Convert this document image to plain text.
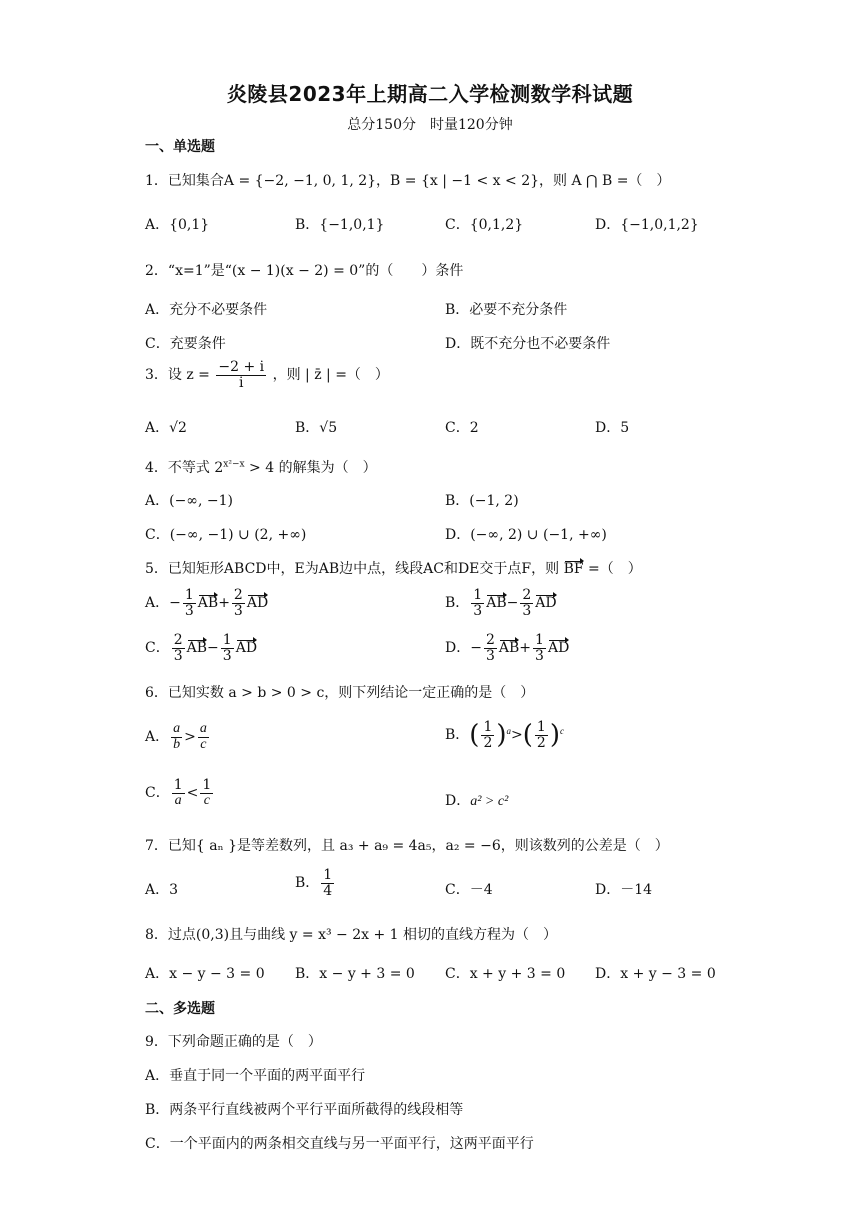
炎陵县2023年上期高二入学检测数学科试题
总分150分　时量120分钟
一、单选题
1．已知集合A = {−2, −1, 0, 1, 2}，B = {x | −1 < x < 2}，则 A ⋂ B =（　）
A．{0,1}	B．{−1,0,1}	C．{0,1,2}	D．{−1,0,1,2}
2．“x=1”是“(x − 1)(x − 2) = 0”的（　　）条件
A．充分不必要条件	B．必要不充分条件
C．充要条件	D．既不充分也不必要条件
3．设 $z = \frac{-2 + i}{i}$ ，则 | z̄ | =（　）
A．√2	B．√5	C．2	D．5
4．不等式 $2^{x^2-x} > 4$ 的解集为（　）
A．(−∞, −1)	B．(−1, 2)
C．(−∞, −1) ∪ (2, +∞)	D．(−∞, 2) ∪ (−1, +∞)
5．已知矩形ABCD中，E为AB边中点，线段AC和DE交于点F，则 BF =（　）
A．− $\frac{1}{3} AB+ \frac{2}{3}$ AD	B． $\frac{1}{3} AB- \frac{2}{3}$ AD
C． $\frac{2}{3} AB- \frac{1}{3}$ AD	D．− $\frac{2}{3} AB+ \frac{1}{3}$ AD
6．已知实数 a > b > 0 > c，则下列结论一定正确的是（　）
A． $\frac{a}{b} > \frac{a}{c}$	B．( $\frac{1}{2} )^a>( \frac{1}{2} )^c$
C． $\frac{1}{a} < \frac{1}{c}$	D．a² > c²
7．已知{ aₙ }是等差数列，且 a₃ + a₉ = 4a₅，a₂ = −6，则该数列的公差是（　）
A．3	B． $\frac{1}{4}$	C．－4	D．－14
8．过点(0,3)且与曲线 y = x³ − 2x + 1 相切的直线方程为（　）
A．x − y − 3 = 0 B．x − y + 3 = 0 C．x + y + 3 = 0 D．x + y − 3 = 0
二、多选题
9．下列命题正确的是（　）
A．垂直于同一个平面的两平面平行
B．两条平行直线被两个平行平面所截得的线段相等
C．一个平面内的两条相交直线与另一平面平行，这两平面平行
